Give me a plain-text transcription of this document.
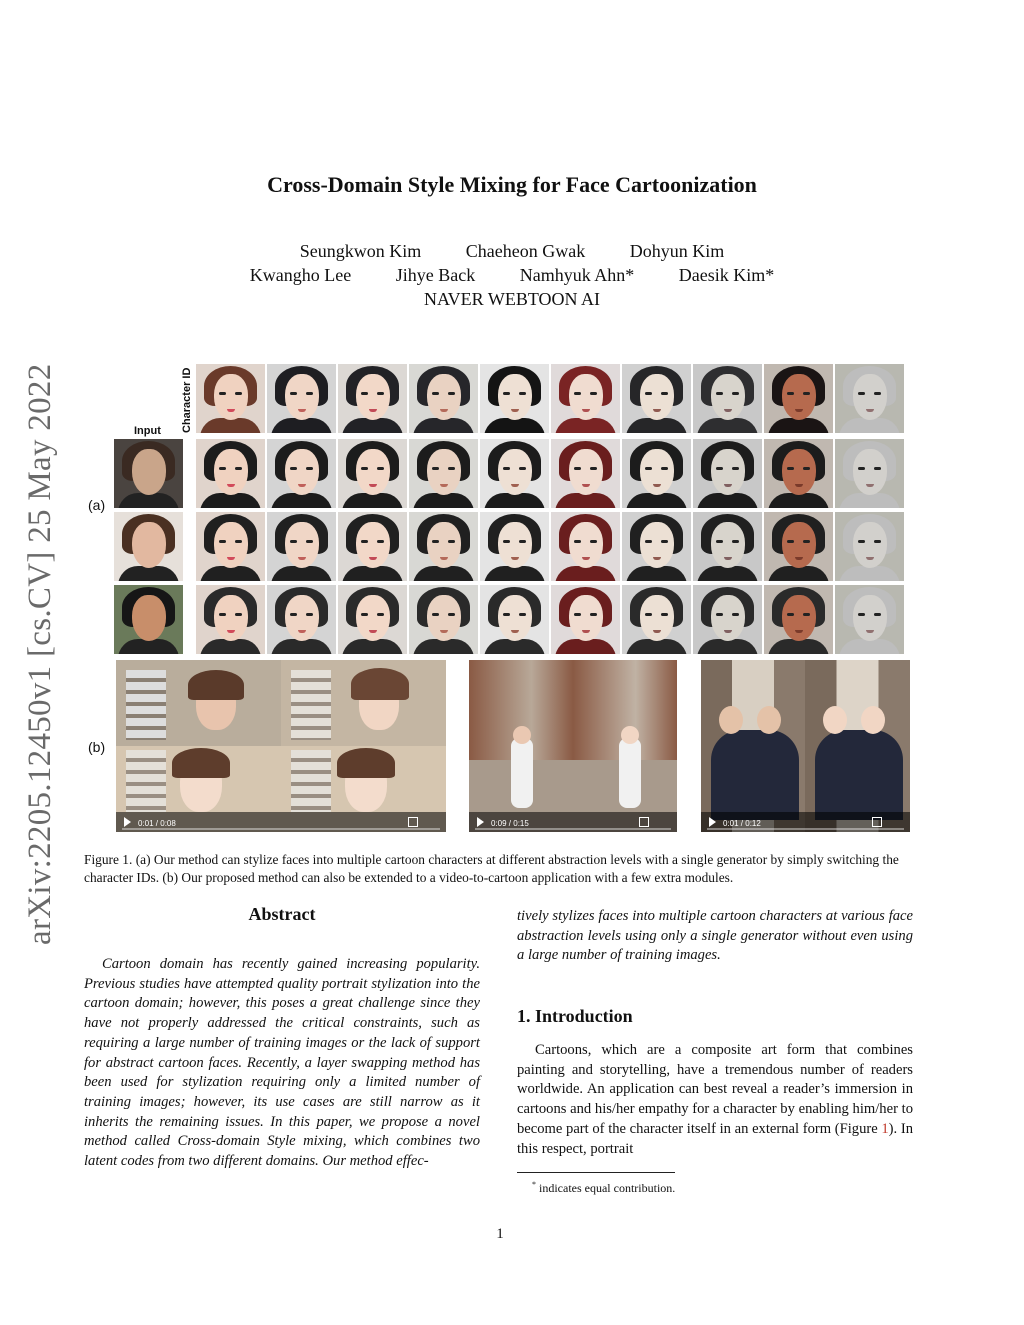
arXiv:2205.12450v1 [cs.CV] 25 May 2022
Cross-Domain Style Mixing for Face Cartoonization
Seungkwon Kim Chaeheon Gwak Dohyun Kim
Kwangho Lee Jihye Back Namhyuk Ahn* Daesik Kim*
NAVER WEBTOON AI
Input Character ID
(a)
(b)
0:01 / 0:08	0:09 / 0:15	0:01 / 0:12
Figure 1. (a) Our method can stylize faces into multiple cartoon characters at different abstraction levels with a single generator by simply switching the character IDs. (b) Our proposed method can also be extended to a video-to-cartoon application with a few extra modules.
Abstract
Cartoon domain has recently gained increasing popularity. Previous studies have attempted quality portrait stylization into the cartoon domain; however, this poses a great challenge since they have not properly addressed the critical constraints, such as requiring a large number of training images or the lack of support for abstract cartoon faces. Recently, a layer swapping method has been used for stylization requiring only a limited number of training images; however, its use cases are still narrow as it inherits the remaining issues. In this paper, we propose a novel method called Cross-domain Style mixing, which combines two latent codes from two different domains. Our method effec-
tively stylizes faces into multiple cartoon characters at various face abstraction levels using only a single generator without even using a large number of training images.
1. Introduction
Cartoons, which are a composite art form that combines painting and storytelling, have a tremendous number of readers worldwide. An application can best reveal a reader’s immersion in cartoons and his/her empathy for a character by enabling him/her to become part of the character itself in an external form (Figure 1). In this respect, portrait
* indicates equal contribution.
1
